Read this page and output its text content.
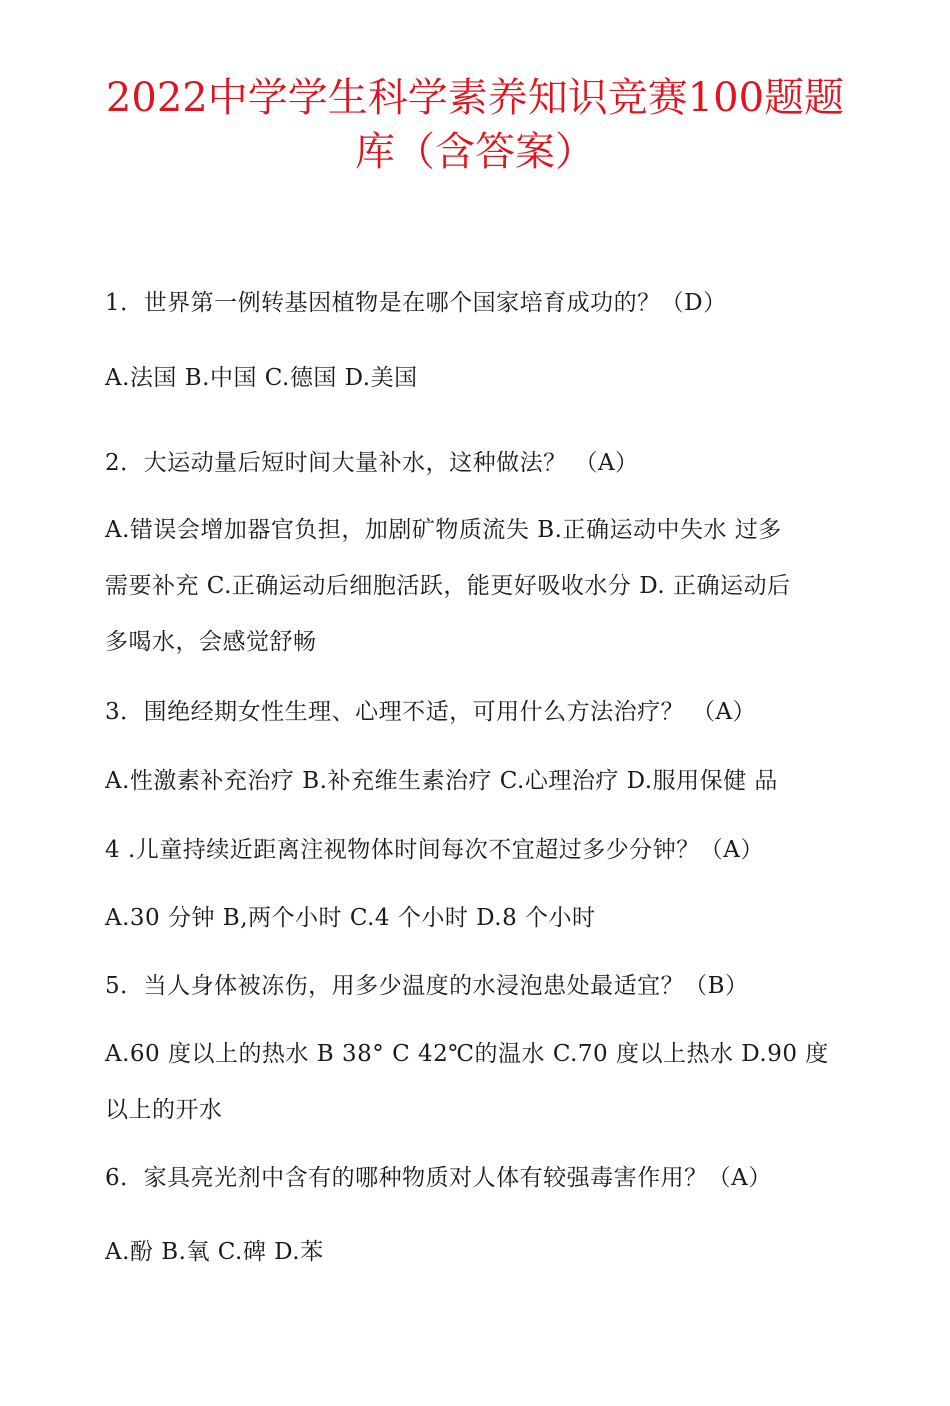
2022中学学生科学素养知识竞赛100题题
库（含答案）
1．世界第一例转基因植物是在哪个国家培育成功的？（D）
A.法国 B.中国 C.德国 D.美国
2．大运动量后短时间大量补水，这种做法？ （A）
A.错误会增加器官负担，加剧矿物质流失 B.正确运动中失水 过多
需要补充 C.正确运动后细胞活跃，能更好吸收水分 D. 正确运动后
多喝水，会感觉舒畅
3．围绝经期女性生理、心理不适，可用什么方法治疗？ （A）
A.性激素补充治疗 B.补充维生素治疗 C.心理治疗 D.服用保健 品
4 .儿童持续近距离注视物体时间每次不宜超过多少分钟？（A）
A.30 分钟 B,两个小时 C.4 个小时 D.8 个小时
5．当人身体被冻伤，用多少温度的水浸泡患处最适宜？（B）
A.60 度以上的热水 B 38° C 42℃的温水 C.70 度以上热水 D.90 度
以上的开水
6．家具亮光剂中含有的哪种物质对人体有较强毒害作用？（A）
A.酚 B.氧 C.碑 D.苯
